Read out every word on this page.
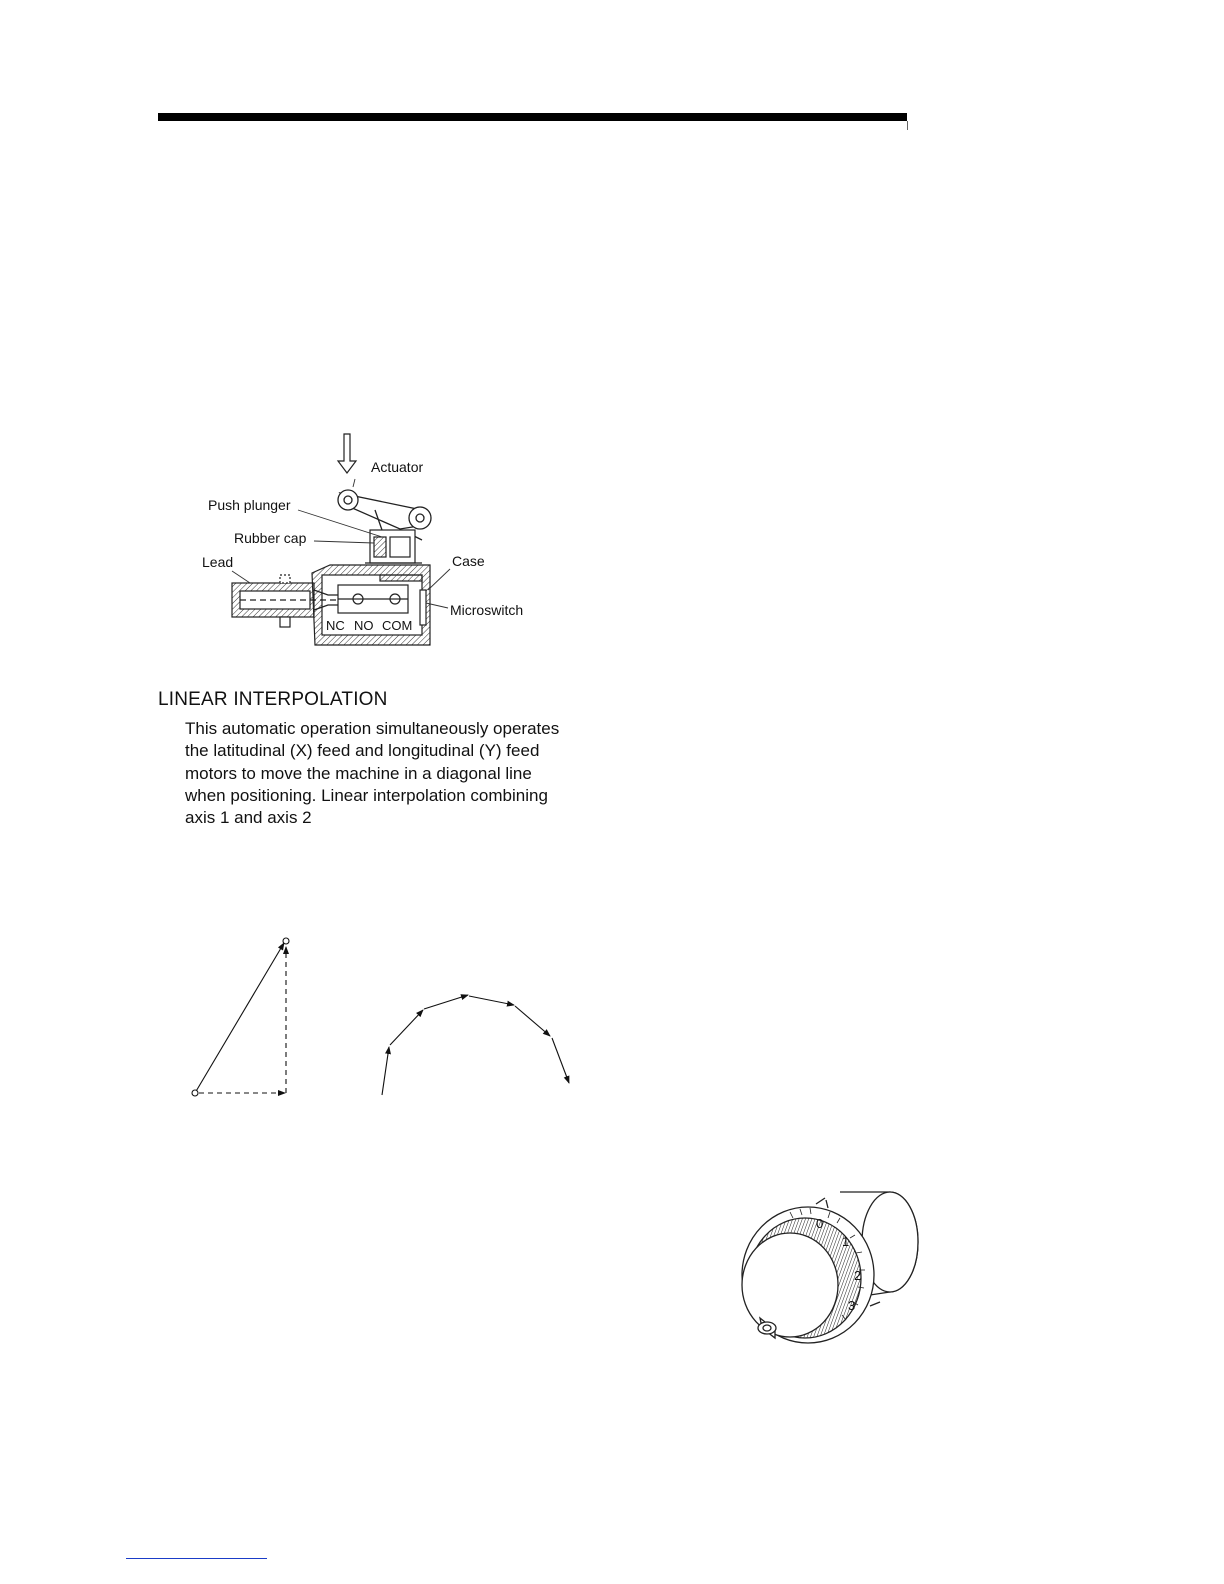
Actuator
Push plunger
Rubber cap
Lead	Case
Microswitch
NC NO COM
LINEAR INTERPOLATION

This automatic operation simultaneously operates the latitudinal (X) feed and longitudinal (Y) feed motors to move the machine in a diagonal line when positioning. Linear interpolation combining axis 1 and axis 2

0
1
2
3
